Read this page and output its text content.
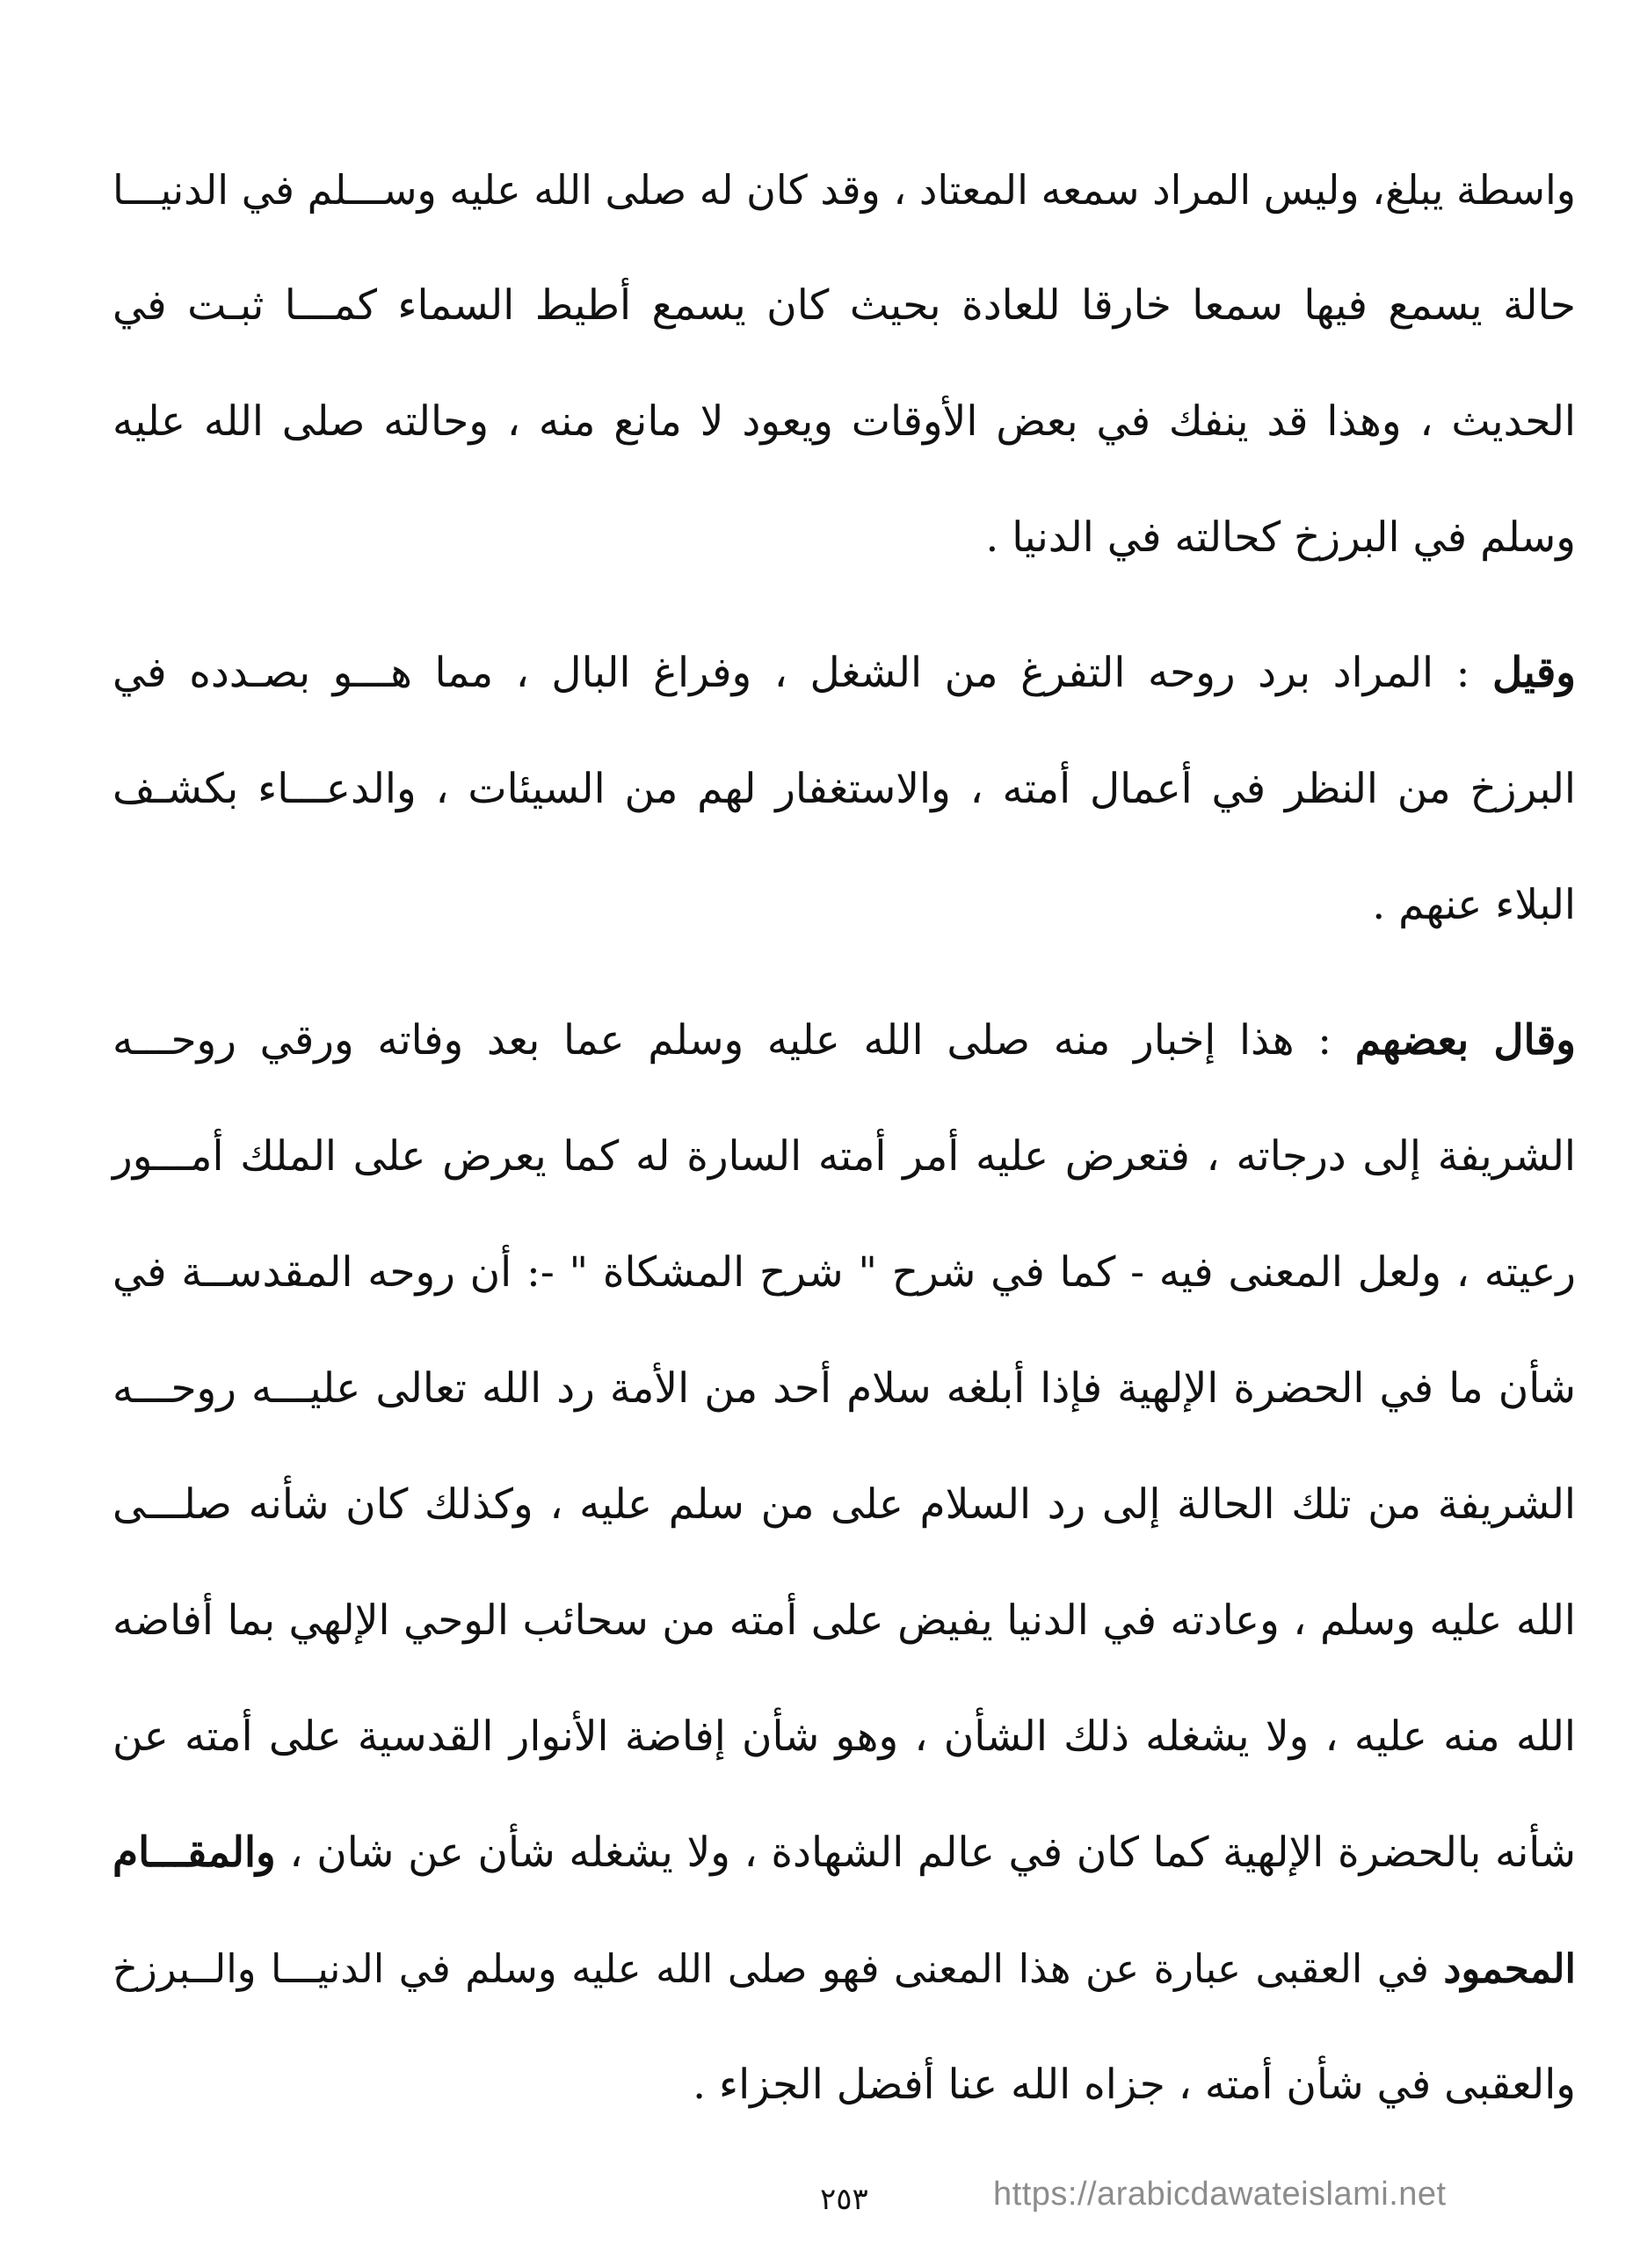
واسطة يبلغ، وليس المراد سمعه المعتاد ، وقد كان له صلى الله عليه وســـلم في الدنيـــا
حالة يسمع فيها سمعا خارقا للعادة بحيث كان يسمع أطيط السماء كمـــا ثبـت في
الحديث ، وهذا قد ينفك في بعض الأوقات ويعود لا مانع منه ، وحالته صلى الله عليه
وسلم في البرزخ كحالته في الدنيا .
وقيل : المراد برد روحه التفرغ من الشغل ، وفراغ البال ، مما هـــو بصـدده في
البرزخ من النظر في أعمال أمته ، والاستغفار لهم من السيئات ، والدعـــاء بكشـف
البلاء عنهم .
وقال بعضهم : هذا إخبار منه صلى الله عليه وسلم عما بعد وفاته ورقي روحـــه
الشريفة إلى درجاته ، فتعرض عليه أمر أمته السارة له كما يعرض على الملك أمـــور
رعيته ، ولعل المعنى فيه - كما في شرح " شرح المشكاة " -: أن روحه المقدســة في
شأن ما في الحضرة الإلهية فإذا أبلغه سلام أحد من الأمة رد الله تعالى عليـــه روحـــه
الشريفة من تلك الحالة إلى رد السلام على من سلم عليه ، وكذلك كان شأنه صلـــى
الله عليه وسلم ، وعادته في الدنيا يفيض على أمته من سحائب الوحي الإلهي بما أفاضه
الله منه عليه ، ولا يشغله ذلك الشأن ، وهو شأن إفاضة الأنوار القدسية على أمته عن
شأنه بالحضرة الإلهية كما كان في عالم الشهادة ، ولا يشغله شأن عن شان ، والمقـــام
المحمود في العقبى عبارة عن هذا المعنى فهو صلى الله عليه وسلم في الدنيـــا والــبرزخ
والعقبى في شأن أمته ، جزاه الله عنا أفضل الجزاء .
٢٥٣	https://arabicdawateislami.net
